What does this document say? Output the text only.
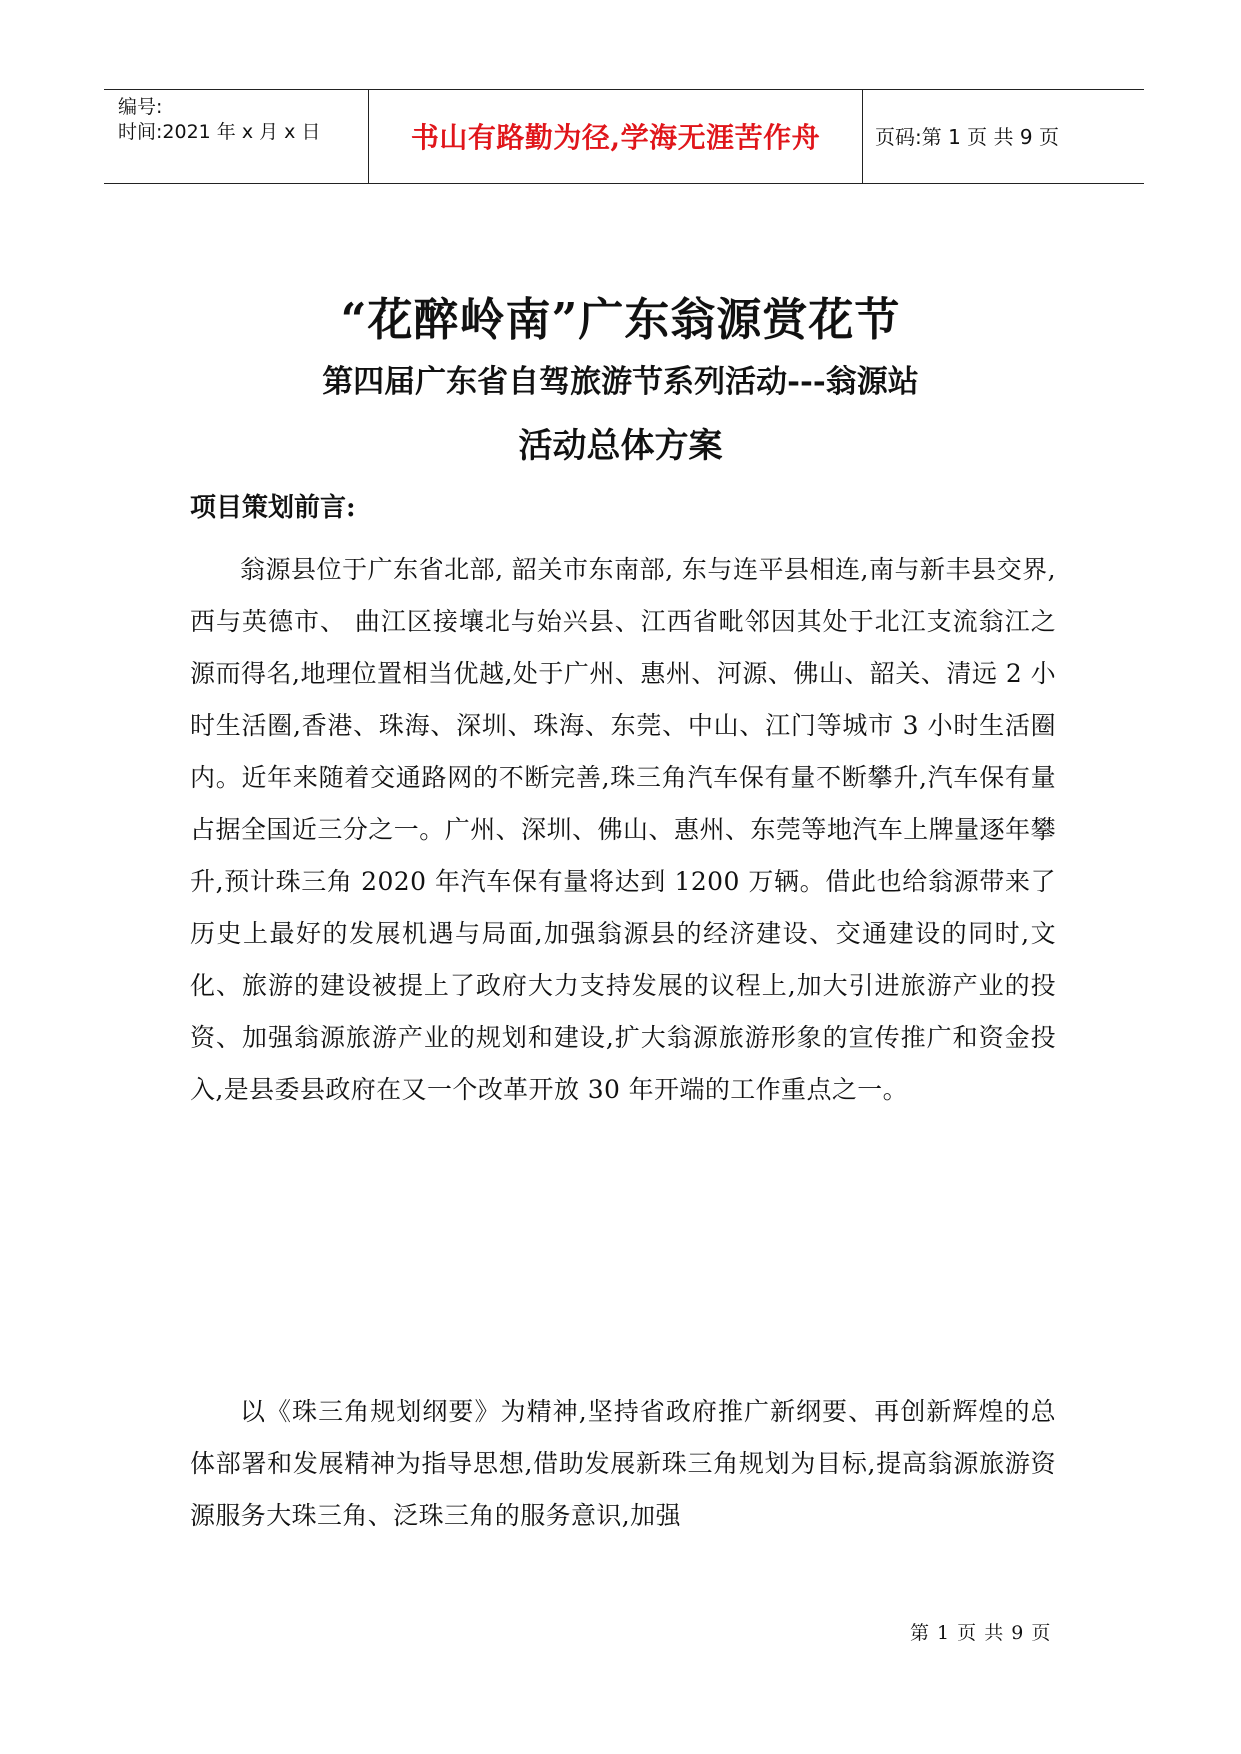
编号:
时间:2021 年 x 月 x 日	书山有路勤为径,学海无涯苦作舟	页码:第 1 页 共 9 页
“花醉岭南”广东翁源赏花节
第四届广东省自驾旅游节系列活动---翁源站
活动总体方案
项目策划前言:

翁源县位于广东省北部, 韶关市东南部, 东与连平县相连,南与新丰县交界, 西与英德市、 曲江区接壤北与始兴县、江西省毗邻因其处于北江支流翁江之源而得名,地理位置相当优越,处于广州、惠州、河源、佛山、韶关、清远 2 小时生活圈,香港、珠海、深圳、珠海、东莞、中山、江门等城市 3 小时生活圈内。近年来随着交通路网的不断完善,珠三角汽车保有量不断攀升,汽车保有量占据全国近三分之一。广州、深圳、佛山、惠州、东莞等地汽车上牌量逐年攀升,预计珠三角 2020 年汽车保有量将达到 1200 万辆。借此也给翁源带来了历史上最好的发展机遇与局面,加强翁源县的经济建设、交通建设的同时,文化、旅游的建设被提上了政府大力支持发展的议程上,加大引进旅游产业的投资、加强翁源旅游产业的规划和建设,扩大翁源旅游形象的宣传推广和资金投入,是县委县政府在又一个改革开放 30 年开端的工作重点之一。

以《珠三角规划纲要》为精神,坚持省政府推广新纲要、再创新辉煌的总体部署和发展精神为指导思想,借助发展新珠三角规划为目标,提高翁源旅游资源服务大珠三角、泛珠三角的服务意识,加强

第 1 页 共 9 页
